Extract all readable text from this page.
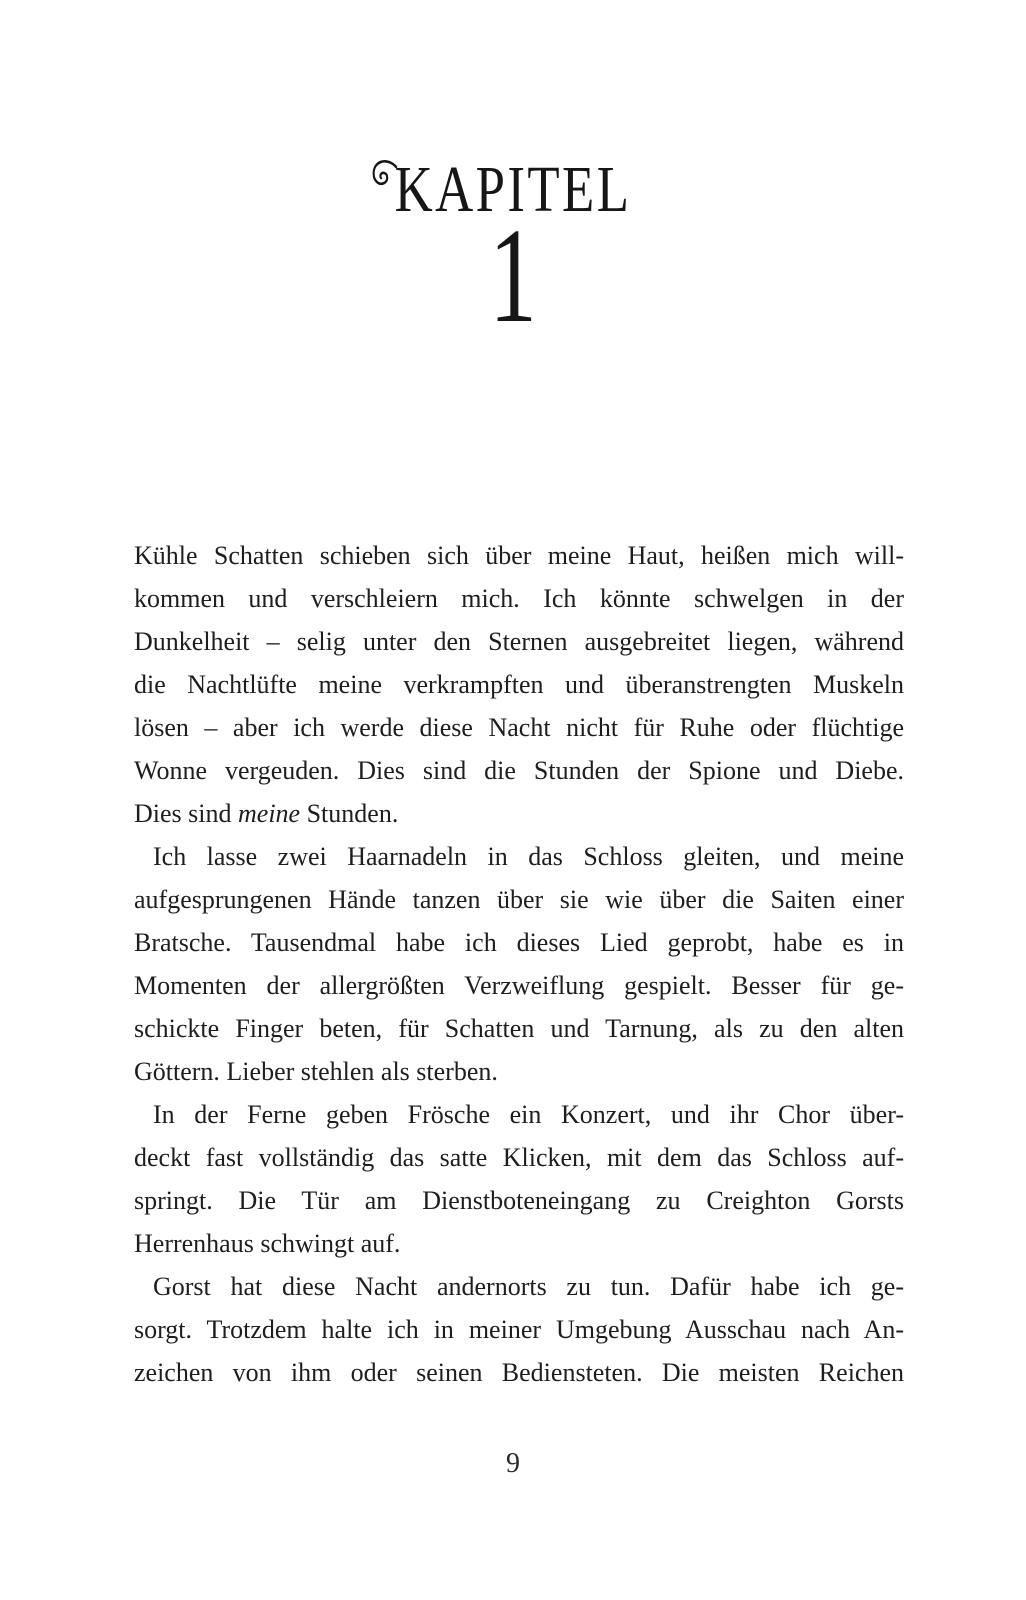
KAPITEL
1
Kühle Schatten schieben sich über meine Haut, heißen mich will-
kommen und verschleiern mich. Ich könnte schwelgen in der
Dunkelheit – selig unter den Sternen ausgebreitet liegen, während
die Nachtlüfte meine verkrampften und überanstrengten Muskeln
lösen – aber ich werde diese Nacht nicht für Ruhe oder flüchtige
Wonne vergeuden. Dies sind die Stunden der Spione und Diebe.
Dies sind meine Stunden.
Ich lasse zwei Haarnadeln in das Schloss gleiten, und meine
aufgesprungenen Hände tanzen über sie wie über die Saiten einer
Bratsche. Tausendmal habe ich dieses Lied geprobt, habe es in
Momenten der allergrößten Verzweiflung gespielt. Besser für ge-
schickte Finger beten, für Schatten und Tarnung, als zu den alten
Göttern. Lieber stehlen als sterben.
In der Ferne geben Frösche ein Konzert, und ihr Chor über-
deckt fast vollständig das satte Klicken, mit dem das Schloss auf-
springt. Die Tür am Dienstboteneingang zu Creighton Gorsts
Herrenhaus schwingt auf.
Gorst hat diese Nacht andernorts zu tun. Dafür habe ich ge-
sorgt. Trotzdem halte ich in meiner Umgebung Ausschau nach An-
zeichen von ihm oder seinen Bediensteten. Die meisten Reichen
9
